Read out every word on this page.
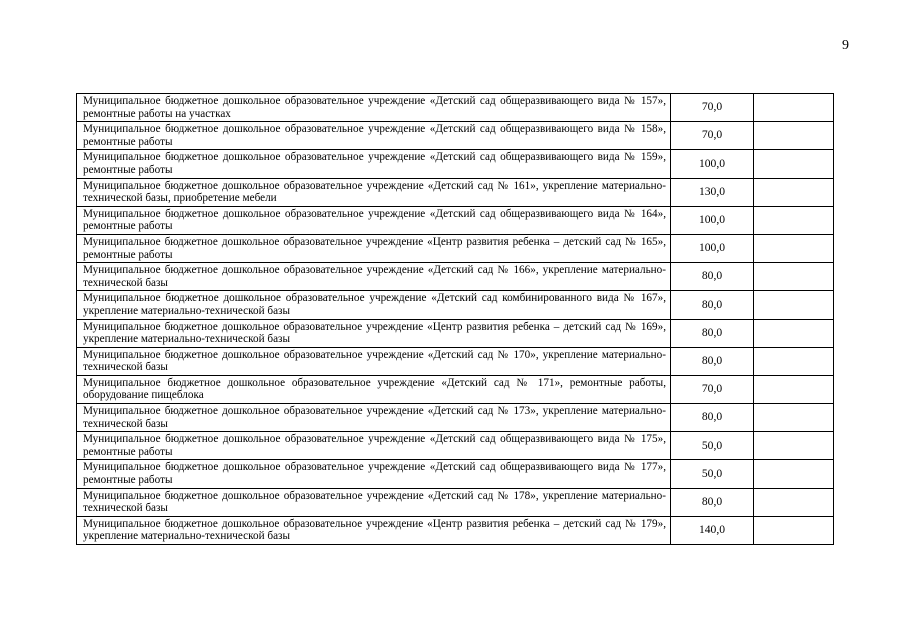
9
Муниципальное бюджетное дошкольное образовательное учреждение «Детский сад общеразвивающего вида № 157», ремонтные работы на участках	70,0	
Муниципальное бюджетное дошкольное образовательное учреждение «Детский сад общеразвивающего вида № 158», ремонтные работы	70,0	
Муниципальное бюджетное дошкольное образовательное учреждение «Детский сад общеразвивающего вида № 159», ремонтные работы	100,0	
Муниципальное бюджетное дошкольное образовательное учреждение «Детский сад № 161», укрепление материально-технической базы, приобретение мебели	130,0	
Муниципальное бюджетное дошкольное образовательное учреждение «Детский сад общеразвивающего вида № 164», ремонтные работы	100,0	
Муниципальное бюджетное дошкольное образовательное учреждение «Центр развития ребенка – детский сад № 165», ремонтные работы	100,0	
Муниципальное бюджетное дошкольное образовательное учреждение «Детский сад № 166», укрепление материально-технической базы	80,0	
Муниципальное бюджетное дошкольное образовательное учреждение «Детский сад комбинированного вида № 167», укрепление материально-технической базы	80,0	
Муниципальное бюджетное дошкольное образовательное учреждение «Центр развития ребенка – детский сад № 169», укрепление материально-технической базы	80,0	
Муниципальное бюджетное дошкольное образовательное учреждение «Детский сад № 170», укрепление материально-технической базы	80,0	
Муниципальное бюджетное дошкольное образовательное учреждение «Детский сад № 171», ремонтные работы, оборудование пищеблока	70,0	
Муниципальное бюджетное дошкольное образовательное учреждение «Детский сад № 173», укрепление материально-технической базы	80,0	
Муниципальное бюджетное дошкольное образовательное учреждение «Детский сад общеразвивающего вида № 175», ремонтные работы	50,0	
Муниципальное бюджетное дошкольное образовательное учреждение «Детский сад общеразвивающего вида № 177», ремонтные работы	50,0	
Муниципальное бюджетное дошкольное образовательное учреждение «Детский сад № 178», укрепление материально-технической базы	80,0	
Муниципальное бюджетное дошкольное образовательное учреждение «Центр развития ребенка – детский сад № 179», укрепление материально-технической базы	140,0	
